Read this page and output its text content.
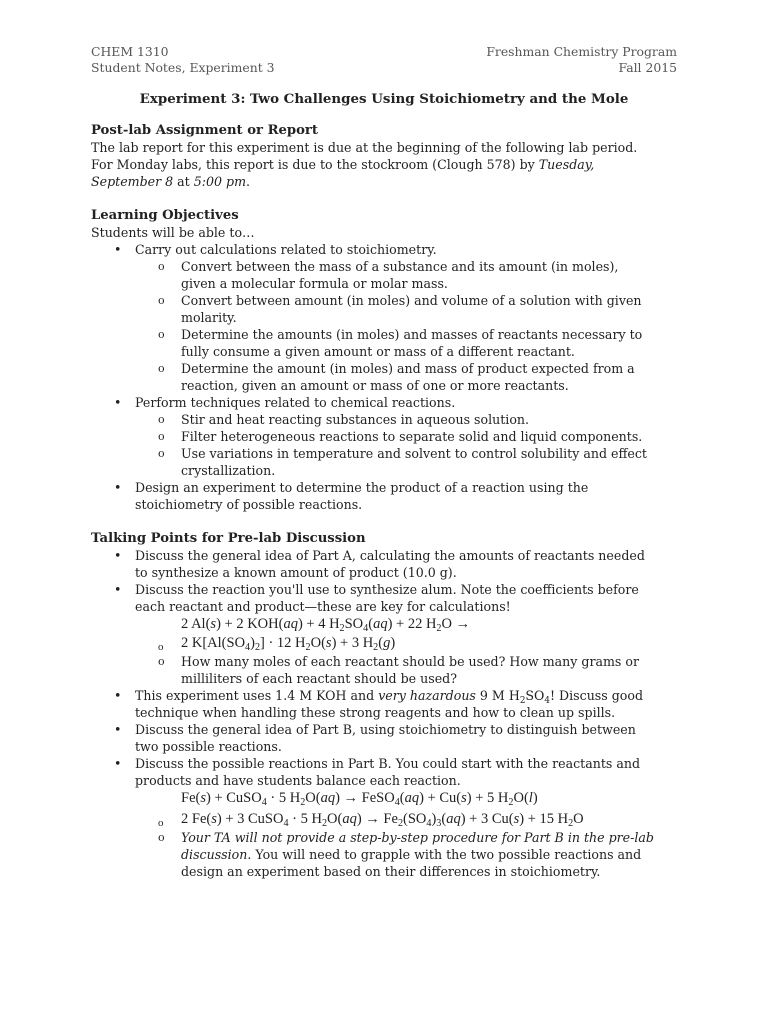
CHEM 1310
Student Notes, Experiment 3
Freshman Chemistry Program
Fall 2015
Experiment 3: Two Challenges Using Stoichiometry and the Mole
Post-lab Assignment or Report

The lab report for this experiment is due at the beginning of the following lab period.
For Monday labs, this report is due to the stockroom (Clough 578) by Tuesday,
September 8 at 5:00 pm.

Learning Objectives

Students will be able to…

• Carry out calculations related to stoichiometry.
o Convert between the mass of a substance and its amount (in moles),
given a molecular formula or molar mass.
o Convert between amount (in moles) and volume of a solution with given
molarity.
o Determine the amounts (in moles) and masses of reactants necessary to
fully consume a given amount or mass of a different reactant.
o Determine the amount (in moles) and mass of product expected from a
reaction, given an amount or mass of one or more reactants.
• Perform techniques related to chemical reactions.
o Stir and heat reacting substances in aqueous solution.
o Filter heterogeneous reactions to separate solid and liquid components.
o Use variations in temperature and solvent to control solubility and effect
crystallization.
• Design an experiment to determine the product of a reaction using the
stoichiometry of possible reactions.
Talking Points for Pre-lab Discussion
• Discuss the general idea of Part A, calculating the amounts of reactants needed
to synthesize a known amount of product (10.0 g).
• Discuss the reaction you'll use to synthesize alum. Note the coefficients before
each reactant and product—these are key for calculations!
2 Al(s) + 2 KOH(aq) + 4 $H_2SO_4(aq) + 22$ $H_2O$ →
o 2 $K[Al(SO_4)_2] \cdot 12$ $H_2O(s) + 3$ $H_2(g)$
o How many moles of each reactant should be used? How many grams or
milliliters of each reactant should be used?
• This experiment uses 1.4 M KOH and very hazardous 9 M $H_2SO_4$! Discuss good
technique when handling these strong reagents and how to clean up spills.
• Discuss the general idea of Part B, using stoichiometry to distinguish between
two possible reactions.
• Discuss the possible reactions in Part B. You could start with the reactants and
products and have students balance each reaction.
Fe(s) + CuSO$_4$ · 5 $H_2O(aq)$ → FeSO$_4$(aq) + Cu(s) + 5 $H_2O(l)$
o 2 Fe(s) + 3 CuSO$_4$ · 5 $H_2O(aq) \to Fe_2(SO_4)_3(aq) + 3$ Cu(s) + 15 $H_2O$
o Your TA will not provide a step-by-step procedure for Part B in the pre-lab
discussion. You will need to grapple with the two possible reactions and
design an experiment based on their differences in stoichiometry.
